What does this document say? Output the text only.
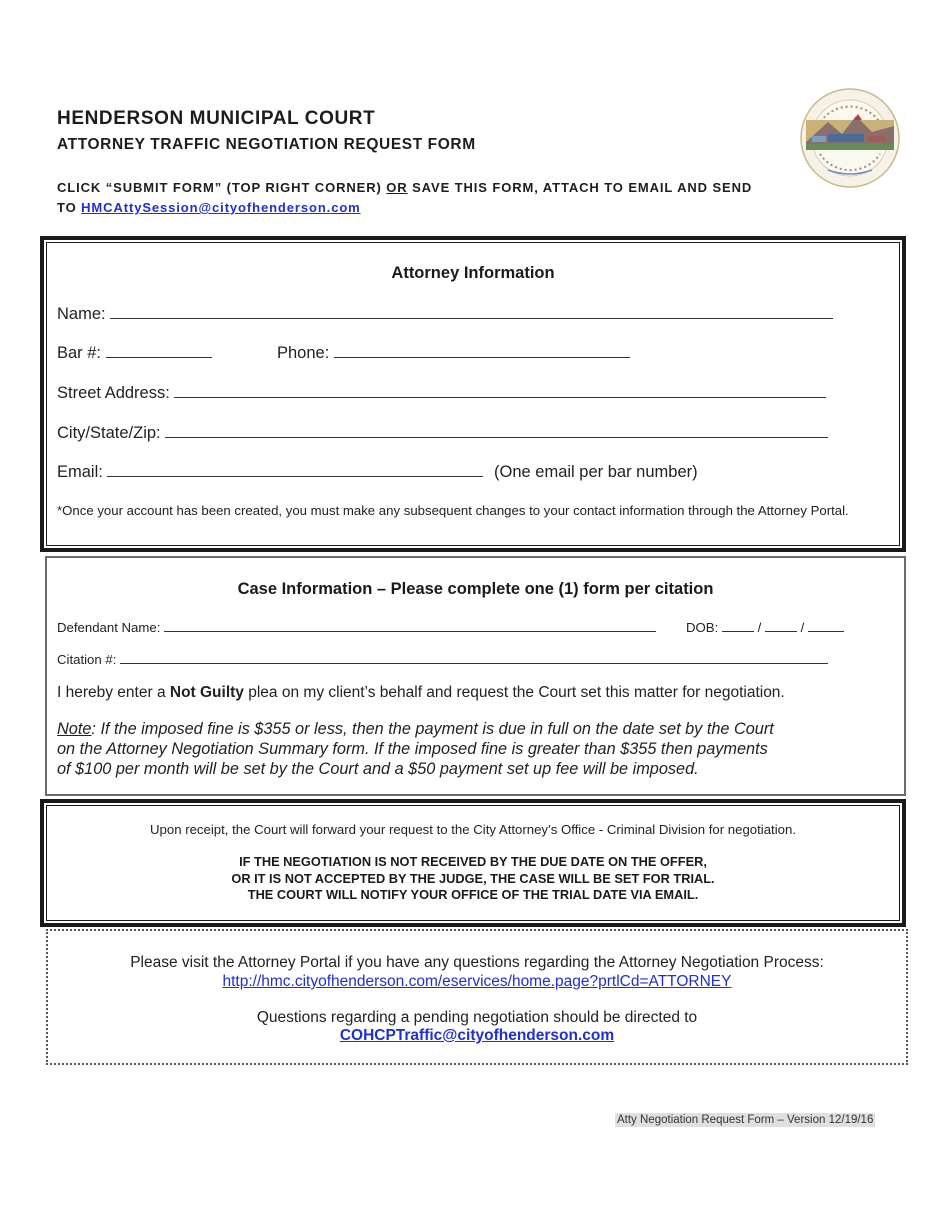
HENDERSON MUNICIPAL COURT
ATTORNEY TRAFFIC NEGOTIATION REQUEST FORM
CLICK “SUBMIT FORM” (TOP RIGHT CORNER) OR SAVE THIS FORM, ATTACH TO EMAIL AND SEND
TO HMCAttySession@cityofhenderson.com
Attorney Information
Name:
Bar #:	Phone:
Street Address:
City/State/Zip:
Email:	(One email per bar number)
*Once your account has been created, you must make any subsequent changes to your contact information through the Attorney Portal.
Case Information – Please complete one (1) form per citation
Defendant Name:	DOB:	/	/
Citation #:
I hereby enter a Not Guilty plea on my client’s behalf and request the Court set this matter for negotiation.
Note: If the imposed fine is $355 or less, then the payment is due in full on the date set by the Court
on the Attorney Negotiation Summary form. If the imposed fine is greater than $355 then payments
of $100 per month will be set by the Court and a $50 payment set up fee will be imposed.
Upon receipt, the Court will forward your request to the City Attorney’s Office - Criminal Division for negotiation.
IF THE NEGOTIATION IS NOT RECEIVED BY THE DUE DATE ON THE OFFER,
OR IT IS NOT ACCEPTED BY THE JUDGE, THE CASE WILL BE SET FOR TRIAL.
THE COURT WILL NOTIFY YOUR OFFICE OF THE TRIAL DATE VIA EMAIL.
Please visit the Attorney Portal if you have any questions regarding the Attorney Negotiation Process:
http://hmc.cityofhenderson.com/eservices/home.page?prtlCd=ATTORNEY
Questions regarding a pending negotiation should be directed to
COHCPTraffic@cityofhenderson.com
Atty Negotiation Request Form – Version 12/19/16
